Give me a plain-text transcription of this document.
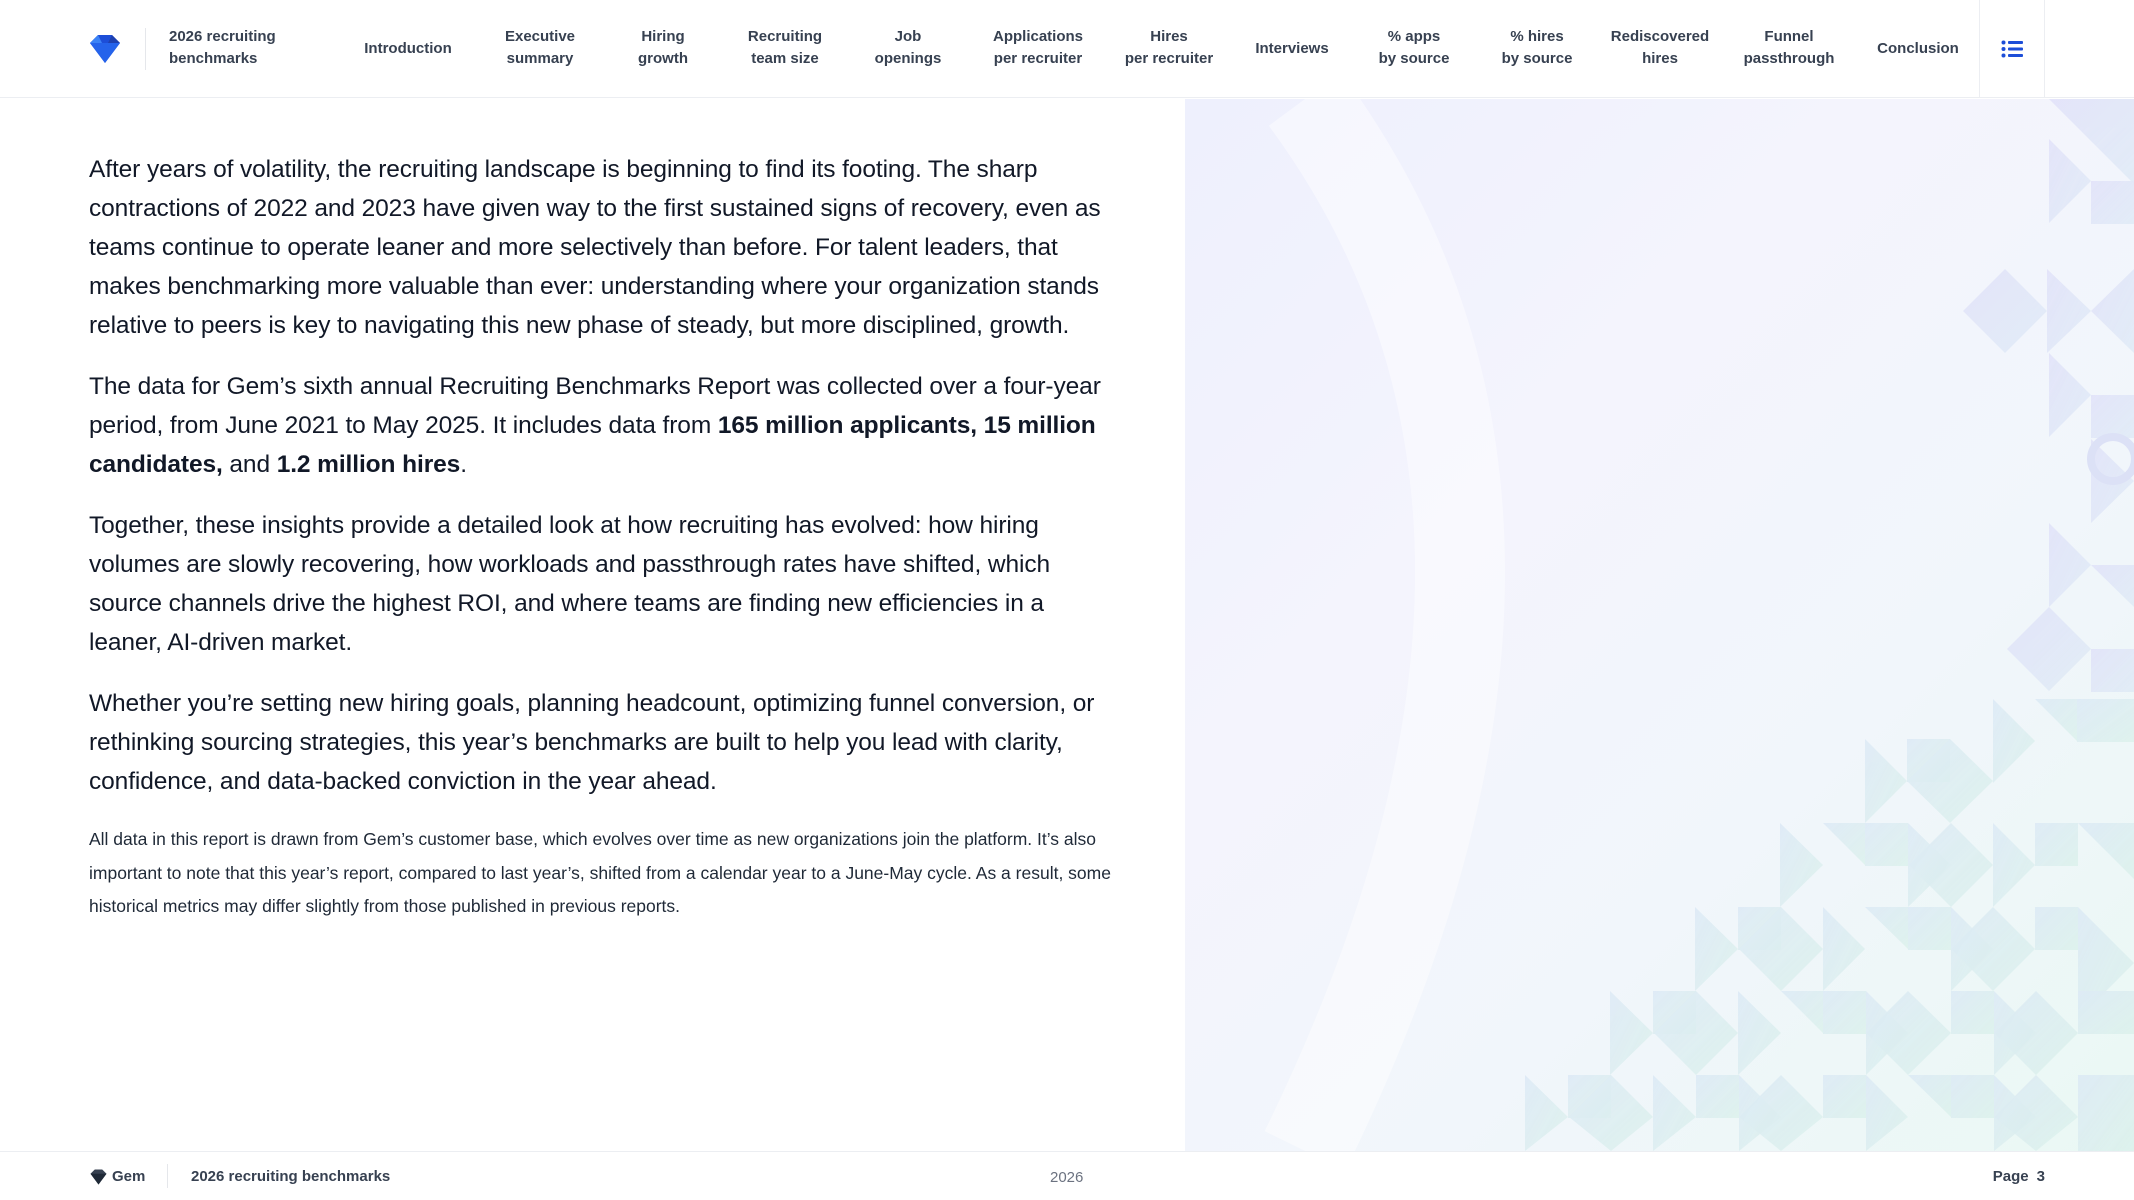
2026 recruiting benchmarks
Introduction
Executive
summary
Hiring
growth
Recruiting
team size
Job
openings
Applications
per recruiter
Hires
per recruiter
Interviews
% apps
by source
% hires
by source
Rediscovered
hires
Funnel
passthrough
Conclusion

After years of volatility, the recruiting landscape is beginning to find its footing. The sharp contractions of 2022 and 2023 have given way to the first sustained signs of recovery, even as teams continue to operate leaner and more selectively than before. For talent leaders, that makes benchmarking more valuable than ever: understanding where your organization stands relative to peers is key to navigating this new phase of steady, but more disciplined, growth.

The data for Gem’s sixth annual Recruiting Benchmarks Report was collected over a four-year period, from June 2021 to May 2025. It includes data from 165 million applicants, 15 million candidates, and 1.2 million hires.

Together, these insights provide a detailed look at how recruiting has evolved: how hiring volumes are slowly recovering, how workloads and passthrough rates have shifted, which source channels drive the highest ROI, and where teams are finding new efficiencies in a leaner, AI-driven market.

Whether you’re setting new hiring goals, planning headcount, optimizing funnel conversion, or rethinking sourcing strategies, this year’s benchmarks are built to help you lead with clarity, confidence, and data-backed conviction in the year ahead.

All data in this report is drawn from Gem’s customer base, which evolves over time as new organizations join the platform. It’s also important to note that this year’s report, compared to last year’s, shifted from a calendar year to a June-May cycle. As a result, some historical metrics may differ slightly from those published in previous reports.

Gem	2026 recruiting benchmarks	2026	Page 3
